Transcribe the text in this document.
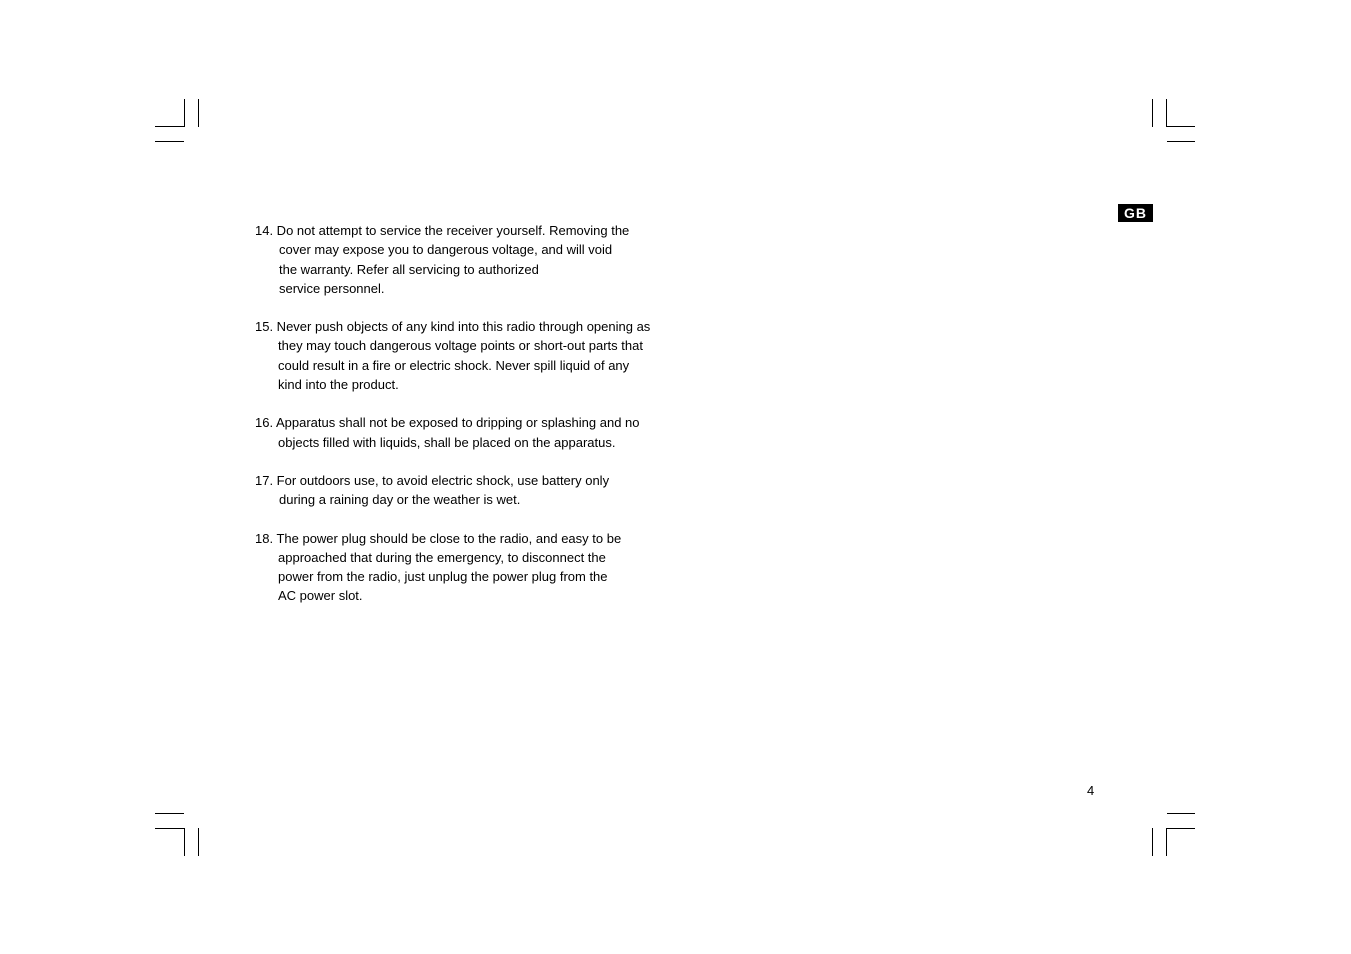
GB
14. Do not attempt to service the receiver yourself. Removing the
cover may expose you to dangerous voltage, and will void
the warranty. Refer all servicing to authorized
service personnel.
15. Never push objects of any kind into this radio through opening as
they may touch dangerous voltage points or short-out parts that
could result in a fire or electric shock. Never spill liquid of any
kind into the product.
16. Apparatus shall not be exposed to dripping or splashing and no
objects filled with liquids, shall be placed on the apparatus.
17. For outdoors use, to avoid electric shock, use battery only
during a raining day or the weather is wet.
18. The power plug should be close to the radio, and easy to be
approached that during the emergency, to disconnect the
power from the radio, just unplug the power plug from the
AC power slot.
4
